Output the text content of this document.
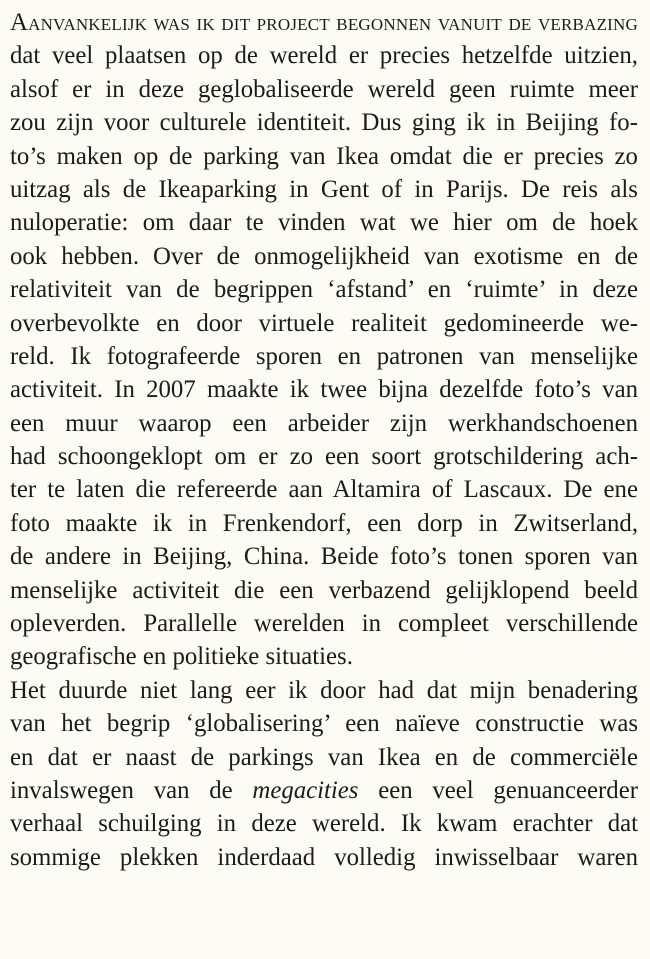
Aanvankelijk was ik dit project begonnen vanuit de verbazing
dat veel plaatsen op de wereld er precies hetzelfde uitzien,
alsof er in deze geglobaliseerde wereld geen ruimte meer
zou zijn voor culturele identiteit. Dus ging ik in Beijing fo-
to’s maken op de parking van Ikea omdat die er precies zo
uitzag als de Ikeaparking in Gent of in Parijs. De reis als
nuloperatie: om daar te vinden wat we hier om de hoek
ook hebben. Over de onmogelijkheid van exotisme en de
relativiteit van de begrippen ‘afstand’ en ‘ruimte’ in deze
overbevolkte en door virtuele realiteit gedomineerde we-
reld. Ik fotografeerde sporen en patronen van menselijke
activiteit. In 2007 maakte ik twee bijna dezelfde foto’s van
een muur waarop een arbeider zijn werkhandschoenen
had schoongeklopt om er zo een soort grotschildering ach-
ter te laten die refereerde aan Altamira of Lascaux. De ene
foto maakte ik in Frenkendorf, een dorp in Zwitserland,
de andere in Beijing, China. Beide foto’s tonen sporen van
menselijke activiteit die een verbazend gelijklopend beeld
opleverden. Parallelle werelden in compleet verschillende
geografische en politieke situaties.
Het duurde niet lang eer ik door had dat mijn benadering
van het begrip ‘globalisering’ een naïeve constructie was
en dat er naast de parkings van Ikea en de commerciële
invalswegen van de megacities een veel genuanceerder
verhaal schuilging in deze wereld. Ik kwam erachter dat
sommige plekken inderdaad volledig inwisselbaar waren
